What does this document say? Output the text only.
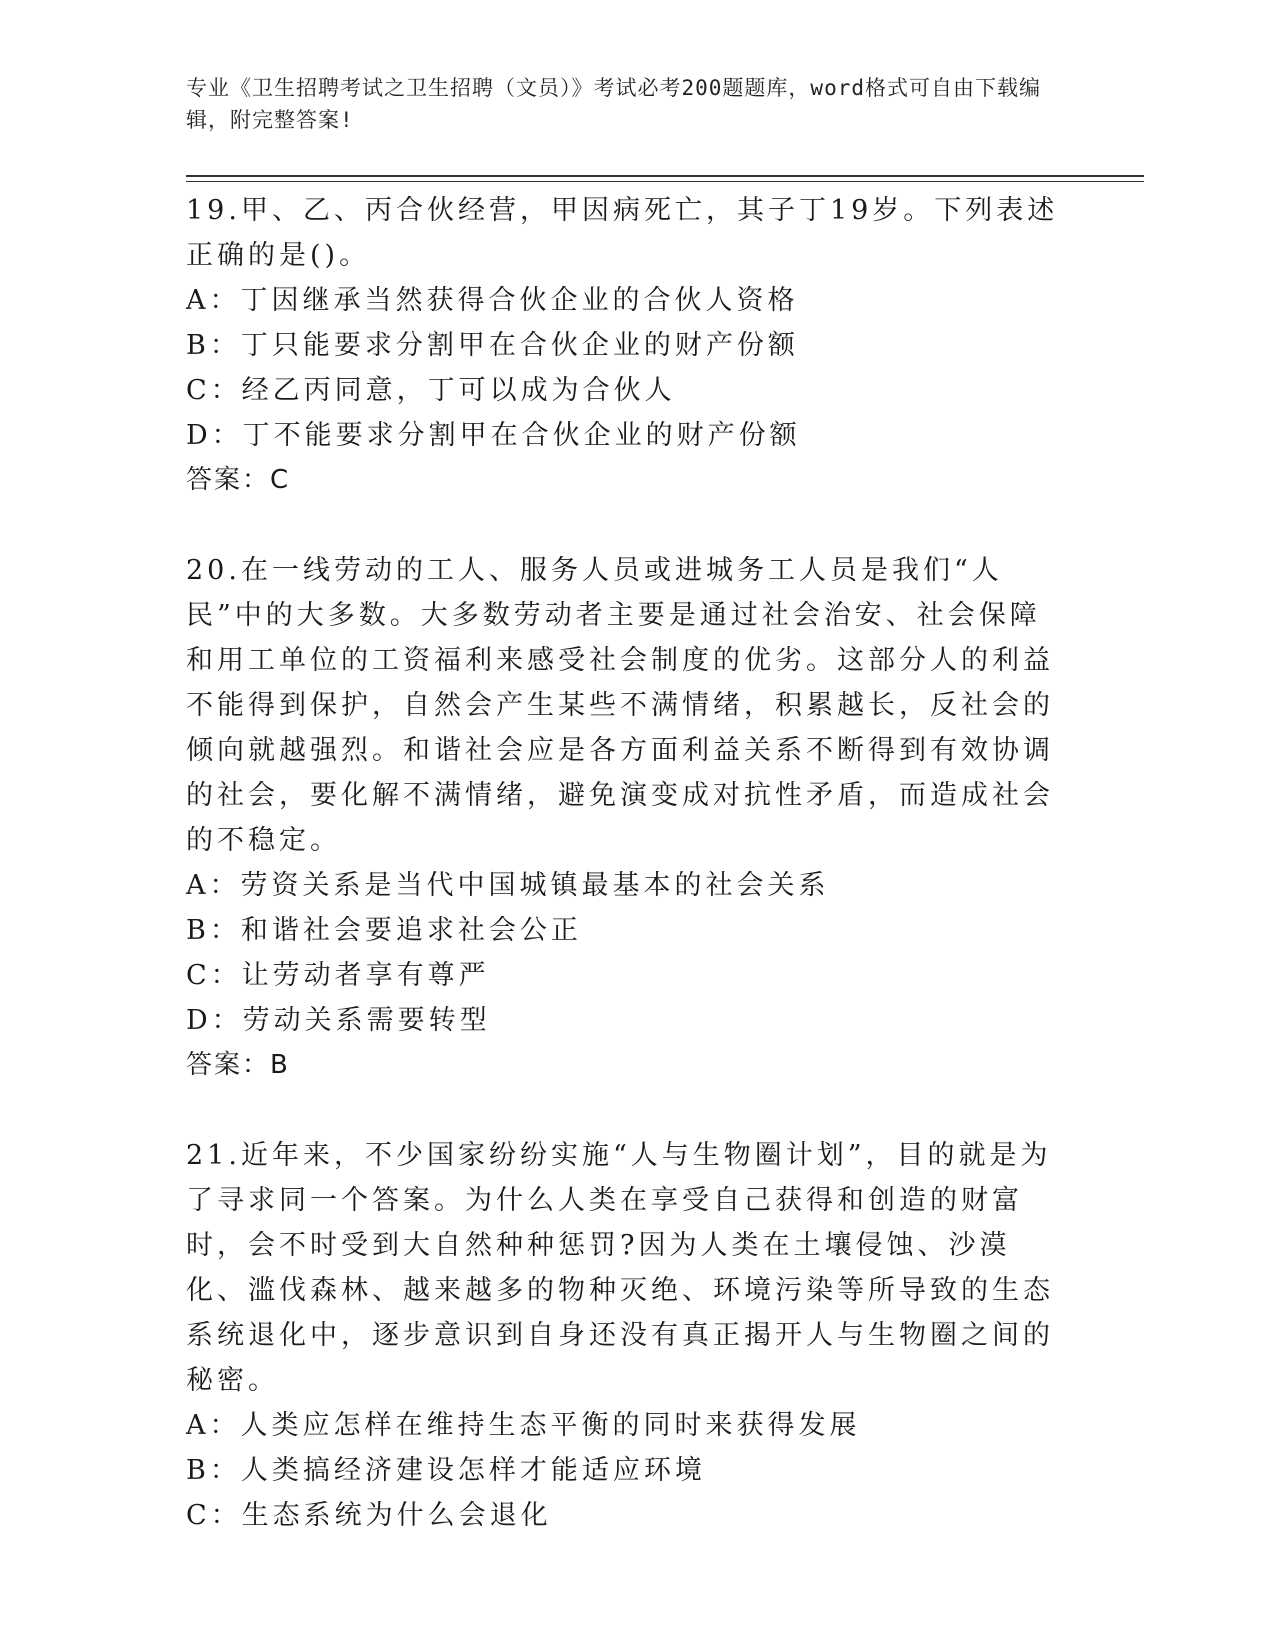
专业《卫生招聘考试之卫生招聘（文员）》考试必考200题题库，word格式可自由下载编辑，附完整答案!

19.甲、乙、丙合伙经营，甲因病死亡，其子丁19岁。下列表述正确的是()。

A：丁因继承当然获得合伙企业的合伙人资格

B：丁只能要求分割甲在合伙企业的财产份额

C：经乙丙同意，丁可以成为合伙人

D：丁不能要求分割甲在合伙企业的财产份额

答案：C

20.在一线劳动的工人、服务人员或进城务工人员是我们“人民”中的大多数。大多数劳动者主要是通过社会治安、社会保障和用工单位的工资福利来感受社会制度的优劣。这部分人的利益不能得到保护，自然会产生某些不满情绪，积累越长，反社会的倾向就越强烈。和谐社会应是各方面利益关系不断得到有效协调的社会，要化解不满情绪，避免演变成对抗性矛盾，而造成社会的不稳定。

A：劳资关系是当代中国城镇最基本的社会关系

B：和谐社会要追求社会公正

C：让劳动者享有尊严

D：劳动关系需要转型

答案：B

21.近年来，不少国家纷纷实施“人与生物圈计划”，目的就是为了寻求同一个答案。为什么人类在享受自己获得和创造的财富时，会不时受到大自然种种惩罚?因为人类在土壤侵蚀、沙漠化、滥伐森林、越来越多的物种灭绝、环境污染等所导致的生态系统退化中，逐步意识到自身还没有真正揭开人与生物圈之间的秘密。

A：人类应怎样在维持生态平衡的同时来获得发展

B：人类搞经济建设怎样才能适应环境

C：生态系统为什么会退化
